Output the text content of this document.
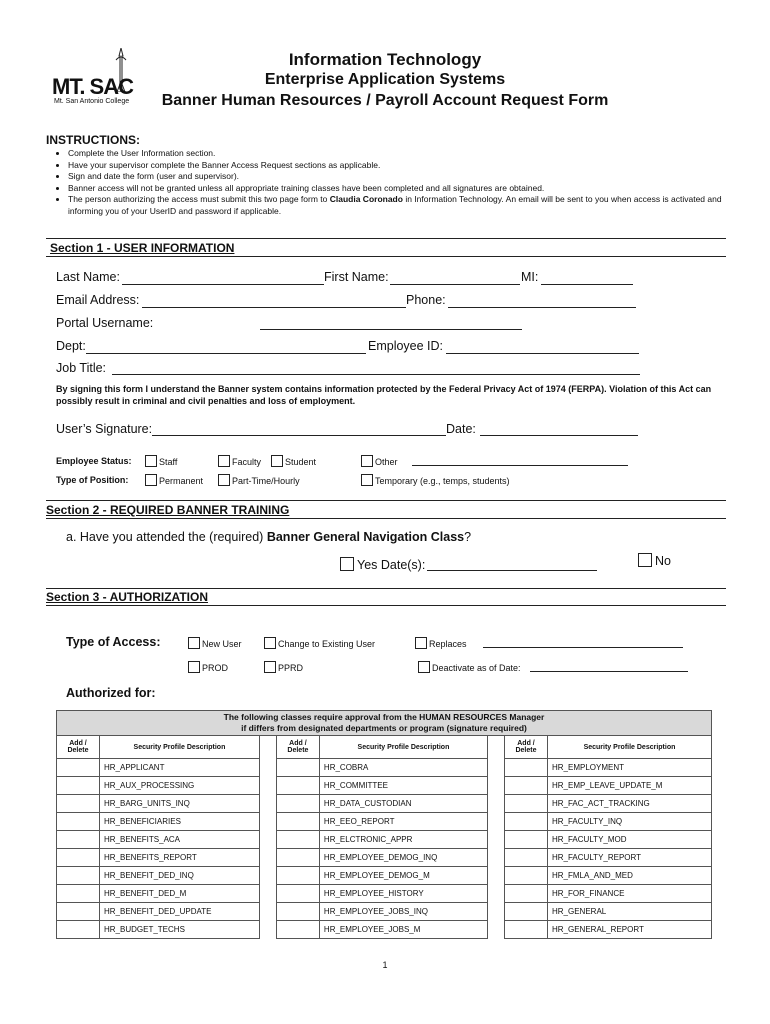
MT. SAC
Mt. San Antonio College
Information Technology
Enterprise Application Systems
Banner Human Resources / Payroll Account Request Form
INSTRUCTIONS:
• Complete the User Information section.
• Have your supervisor complete the Banner Access Request sections as applicable.
• Sign and date the form (user and supervisor).
• Banner access will not be granted unless all appropriate training classes have been completed and all signatures are obtained.
• The person authorizing the access must submit this two page form to Claudia Coronado in Information Technology. An email will be sent to you when access is activated and informing you of your UserID and password if applicable.
Section 1 - USER INFORMATION
Last Name:	First Name:	MI:
Email Address:	Phone:
Portal Username:
Dept:	Employee ID:
Job Title:
By signing this form I understand the Banner system contains information protected by the Federal Privacy Act of 1974 (FERPA). Violation of this Act can possibly result in criminal and civil penalties and loss of employment.
User’s Signature:	Date:
Employee Status:	Staff	Faculty	Student	Other
Type of Position:	Permanent	Part-Time/Hourly	Temporary (e.g., temps, students)
Section 2 - REQUIRED BANNER TRAINING
a. Have you attended the (required) Banner General Navigation Class?
Yes Date(s):	No
Section 3 - AUTHORIZATION
Type of Access:	New User	Change to Existing User	Replaces
PROD	PPRD	Deactivate as of Date:
Authorized for:
The following classes require approval from the HUMAN RESOURCES Manager
if differs from designated departments or program (signature required)							
Add / Delete	Security Profile Description		Add / Delete	Security Profile Description		Add / Delete	Security Profile Description
	HR_APPLICANT			HR_COBRA			HR_EMPLOYMENT
	HR_AUX_PROCESSING			HR_COMMITTEE			HR_EMP_LEAVE_UPDATE_M
	HR_BARG_UNITS_INQ			HR_DATA_CUSTODIAN			HR_FAC_ACT_TRACKING
	HR_BENEFICIARIES			HR_EEO_REPORT			HR_FACULTY_INQ
	HR_BENEFITS_ACA			HR_ELCTRONIC_APPR			HR_FACULTY_MOD
	HR_BENEFITS_REPORT			HR_EMPLOYEE_DEMOG_INQ			HR_FACULTY_REPORT
	HR_BENEFIT_DED_INQ			HR_EMPLOYEE_DEMOG_M			HR_FMLA_AND_MED
	HR_BENEFIT_DED_M			HR_EMPLOYEE_HISTORY			HR_FOR_FINANCE
	HR_BENEFIT_DED_UPDATE			HR_EMPLOYEE_JOBS_INQ			HR_GENERAL
	HR_BUDGET_TECHS			HR_EMPLOYEE_JOBS_M			HR_GENERAL_REPORT
1
